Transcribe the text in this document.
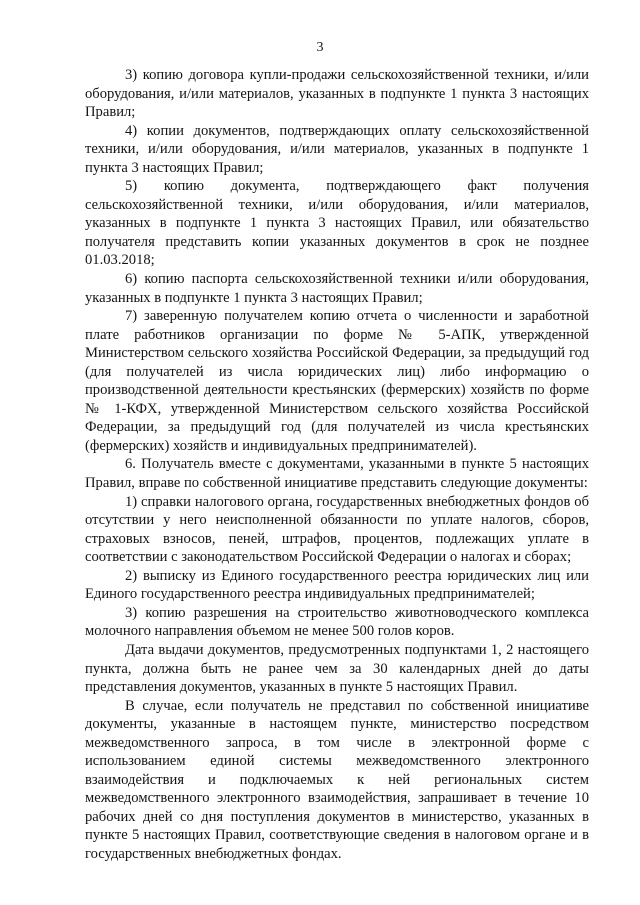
3

3) копию договора купли-продажи сельскохозяйственной техники, и/или оборудования, и/или материалов, указанных в подпункте 1 пункта 3 настоящих Правил;

4) копии документов, подтверждающих оплату сельскохозяйственной техники, и/или оборудования, и/или материалов, указанных в подпункте 1 пункта 3 настоящих Правил;

5) копию документа, подтверждающего факт получения сельскохозяйственной техники, и/или оборудования, и/или материалов, указанных в подпункте 1 пункта 3 настоящих Правил, или обязательство получателя представить копии указанных документов в срок не позднее 01.03.2018;

6) копию паспорта сельскохозяйственной техники и/или оборудования, указанных в подпункте 1 пункта 3 настоящих Правил;

7) заверенную получателем копию отчета о численности и заработной плате работников организации по форме № 5-АПК, утвержденной Министерством сельского хозяйства Российской Федерации, за предыдущий год (для получателей из числа юридических лиц) либо информацию о производственной деятельности крестьянских (фермерских) хозяйств по форме № 1-КФХ, утвержденной Министерством сельского хозяйства Российской Федерации, за предыдущий год (для получателей из числа крестьянских (фермерских) хозяйств и индивидуальных предпринимателей).

6. Получатель вместе с документами, указанными в пункте 5 настоящих Правил, вправе по собственной инициативе представить следующие документы:

1) справки налогового органа, государственных внебюджетных фондов об отсутствии у него неисполненной обязанности по уплате налогов, сборов, страховых взносов, пеней, штрафов, процентов, подлежащих уплате в соответствии с законодательством Российской Федерации о налогах и сборах;

2) выписку из Единого государственного реестра юридических лиц или Единого государственного реестра индивидуальных предпринимателей;

3) копию разрешения на строительство животноводческого комплекса молочного направления объемом не менее 500 голов коров.

Дата выдачи документов, предусмотренных подпунктами 1, 2 настоящего пункта, должна быть не ранее чем за 30 календарных дней до даты представления документов, указанных в пункте 5 настоящих Правил.

В случае, если получатель не представил по собственной инициативе документы, указанные в настоящем пункте, министерство посредством межведомственного запроса, в том числе в электронной форме с использованием единой системы межведомственного электронного взаимодействия и подключаемых к ней региональных систем межведомственного электронного взаимодействия, запрашивает в течение 10 рабочих дней со дня поступления документов в министерство, указанных в пункте 5 настоящих Правил, соответствующие сведения в налоговом органе и в государственных внебюджетных фондах.
